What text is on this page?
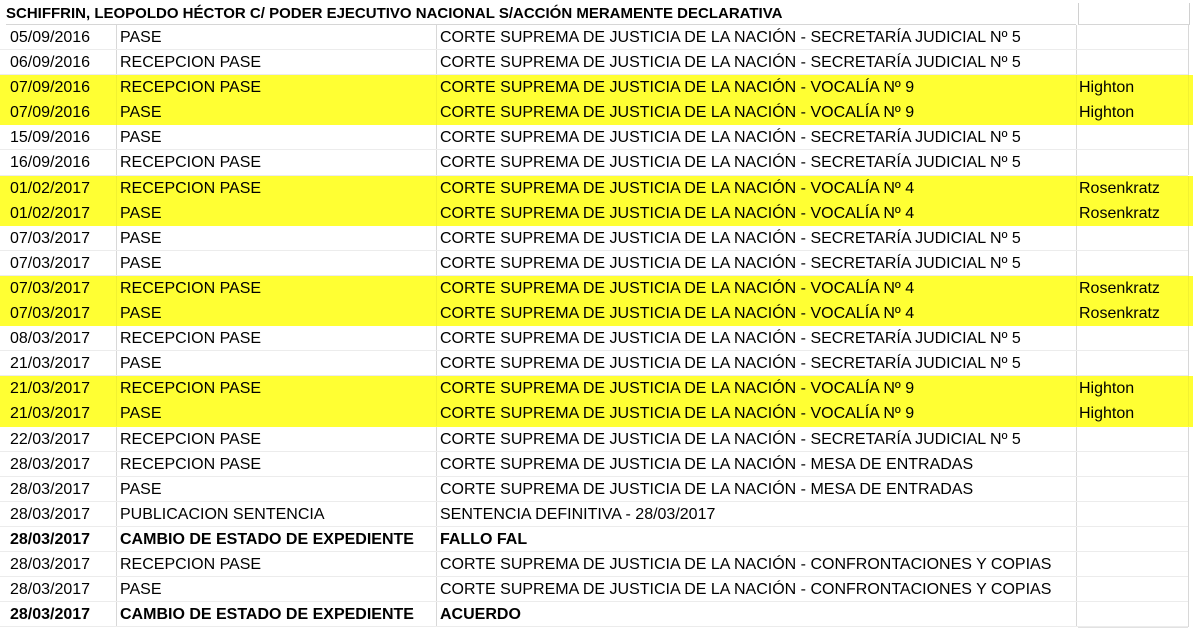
SCHIFFRIN, LEOPOLDO HÉCTOR C/ PODER EJECUTIVO NACIONAL S/ACCIÓN MERAMENTE DECLARATIVA
05/09/2016	PASE	CORTE SUPREMA DE JUSTICIA DE LA NACIÓN - SECRETARÍA JUDICIAL Nº 5
06/09/2016	RECEPCION PASE	CORTE SUPREMA DE JUSTICIA DE LA NACIÓN - SECRETARÍA JUDICIAL Nº 5
07/09/2016	RECEPCION PASE	CORTE SUPREMA DE JUSTICIA DE LA NACIÓN - VOCALÍA Nº 9	Highton
07/09/2016	PASE	CORTE SUPREMA DE JUSTICIA DE LA NACIÓN - VOCALÍA Nº 9	Highton
15/09/2016	PASE	CORTE SUPREMA DE JUSTICIA DE LA NACIÓN - SECRETARÍA JUDICIAL Nº 5
16/09/2016	RECEPCION PASE	CORTE SUPREMA DE JUSTICIA DE LA NACIÓN - SECRETARÍA JUDICIAL Nº 5
01/02/2017	RECEPCION PASE	CORTE SUPREMA DE JUSTICIA DE LA NACIÓN - VOCALÍA Nº 4	Rosenkratz
01/02/2017	PASE	CORTE SUPREMA DE JUSTICIA DE LA NACIÓN - VOCALÍA Nº 4	Rosenkratz
07/03/2017	PASE	CORTE SUPREMA DE JUSTICIA DE LA NACIÓN - SECRETARÍA JUDICIAL Nº 5
07/03/2017	PASE	CORTE SUPREMA DE JUSTICIA DE LA NACIÓN - SECRETARÍA JUDICIAL Nº 5
07/03/2017	RECEPCION PASE	CORTE SUPREMA DE JUSTICIA DE LA NACIÓN - VOCALÍA Nº 4	Rosenkratz
07/03/2017	PASE	CORTE SUPREMA DE JUSTICIA DE LA NACIÓN - VOCALÍA Nº 4	Rosenkratz
08/03/2017	RECEPCION PASE	CORTE SUPREMA DE JUSTICIA DE LA NACIÓN - SECRETARÍA JUDICIAL Nº 5
21/03/2017	PASE	CORTE SUPREMA DE JUSTICIA DE LA NACIÓN - SECRETARÍA JUDICIAL Nº 5
21/03/2017	RECEPCION PASE	CORTE SUPREMA DE JUSTICIA DE LA NACIÓN - VOCALÍA Nº 9	Highton
21/03/2017	PASE	CORTE SUPREMA DE JUSTICIA DE LA NACIÓN - VOCALÍA Nº 9	Highton
22/03/2017	RECEPCION PASE	CORTE SUPREMA DE JUSTICIA DE LA NACIÓN - SECRETARÍA JUDICIAL Nº 5
28/03/2017	RECEPCION PASE	CORTE SUPREMA DE JUSTICIA DE LA NACIÓN - MESA DE ENTRADAS
28/03/2017	PASE	CORTE SUPREMA DE JUSTICIA DE LA NACIÓN - MESA DE ENTRADAS
28/03/2017	PUBLICACION SENTENCIA	SENTENCIA DEFINITIVA - 28/03/2017
28/03/2017	CAMBIO DE ESTADO DE EXPEDIENTE	FALLO FAL
28/03/2017	RECEPCION PASE	CORTE SUPREMA DE JUSTICIA DE LA NACIÓN - CONFRONTACIONES Y COPIAS
28/03/2017	PASE	CORTE SUPREMA DE JUSTICIA DE LA NACIÓN - CONFRONTACIONES Y COPIAS
28/03/2017	CAMBIO DE ESTADO DE EXPEDIENTE	ACUERDO
